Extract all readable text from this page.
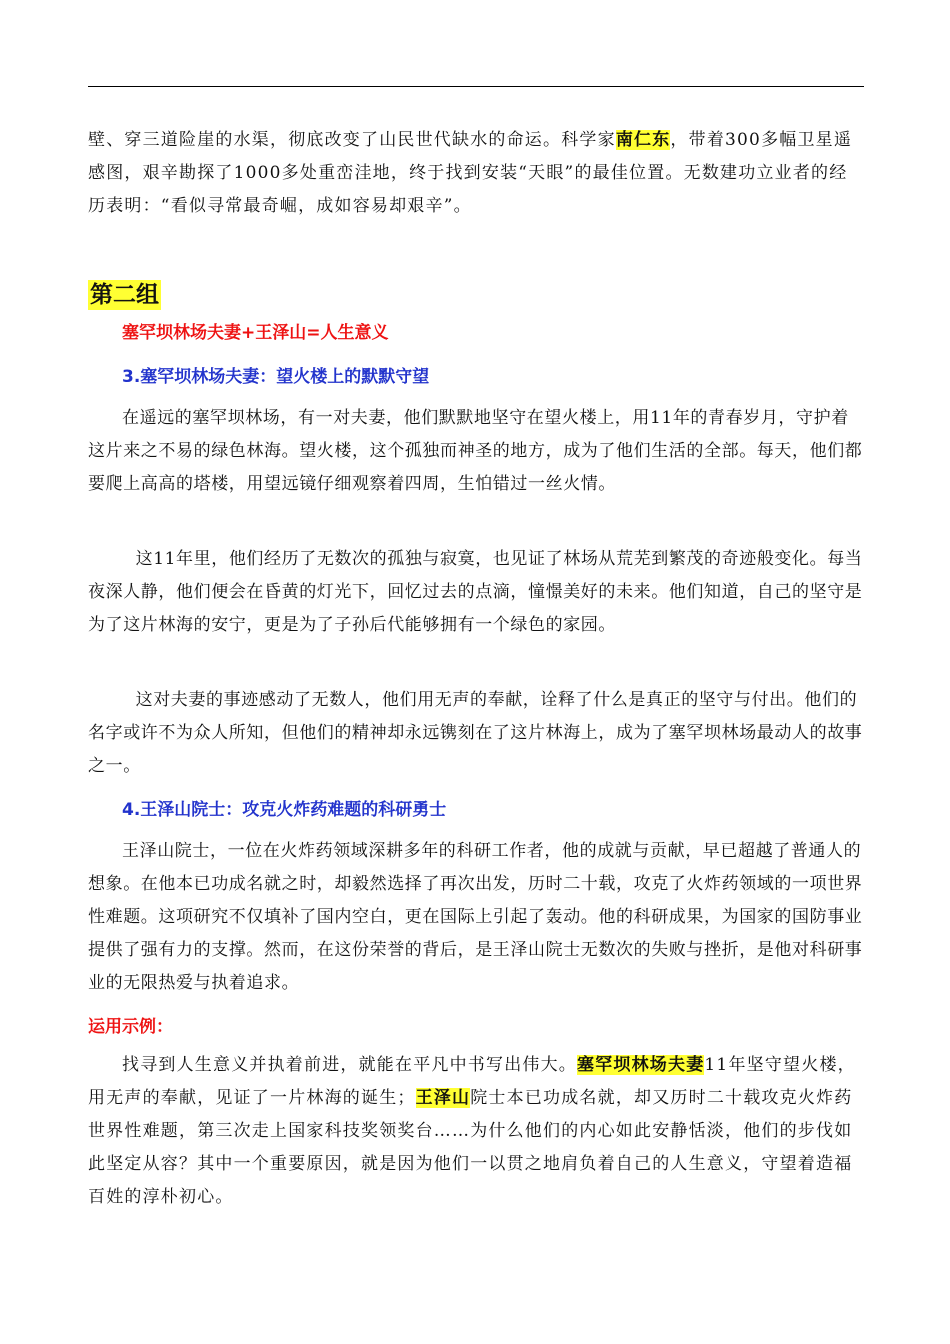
壁、穿三道险崖的水渠，彻底改变了山民世代缺水的命运。科学家南仁东，带着300多幅卫星遥感图，艰辛勘探了1000多处重峦洼地，终于找到安装“天眼”的最佳位置。无数建功立业者的经历表明：“看似寻常最奇崛，成如容易却艰辛”。

第二组
塞罕坝林场夫妻+王泽山=人生意义
3.塞罕坝林场夫妻：望火楼上的默默守望

在遥远的塞罕坝林场，有一对夫妻，他们默默地坚守在望火楼上，用11年的青春岁月，守护着这片来之不易的绿色林海。望火楼，这个孤独而神圣的地方，成为了他们生活的全部。每天，他们都要爬上高高的塔楼，用望远镜仔细观察着四周，生怕错过一丝火情。

这11年里，他们经历了无数次的孤独与寂寞，也见证了林场从荒芜到繁茂的奇迹般变化。每当夜深人静，他们便会在昏黄的灯光下，回忆过去的点滴，憧憬美好的未来。他们知道，自己的坚守是为了这片林海的安宁，更是为了子孙后代能够拥有一个绿色的家园。

这对夫妻的事迹感动了无数人，他们用无声的奉献，诠释了什么是真正的坚守与付出。他们的名字或许不为众人所知，但他们的精神却永远镌刻在了这片林海上，成为了塞罕坝林场最动人的故事之一。

4.王泽山院士：攻克火炸药难题的科研勇士

王泽山院士，一位在火炸药领域深耕多年的科研工作者，他的成就与贡献，早已超越了普通人的想象。在他本已功成名就之时，却毅然选择了再次出发，历时二十载，攻克了火炸药领域的一项世界性难题。这项研究不仅填补了国内空白，更在国际上引起了轰动。他的科研成果，为国家的国防事业提供了强有力的支撑。然而，在这份荣誉的背后，是王泽山院士无数次的失败与挫折，是他对科研事业的无限热爱与执着追求。

运用示例：

找寻到人生意义并执着前进，就能在平凡中书写出伟大。塞罕坝林场夫妻11年坚守望火楼，用无声的奉献，见证了一片林海的诞生；王泽山院士本已功成名就，却又历时二十载攻克火炸药世界性难题，第三次走上国家科技奖领奖台……为什么他们的内心如此安静恬淡，他们的步伐如此坚定从容？其中一个重要原因，就是因为他们一以贯之地肩负着自己的人生意义，守望着造福百姓的淳朴初心。
